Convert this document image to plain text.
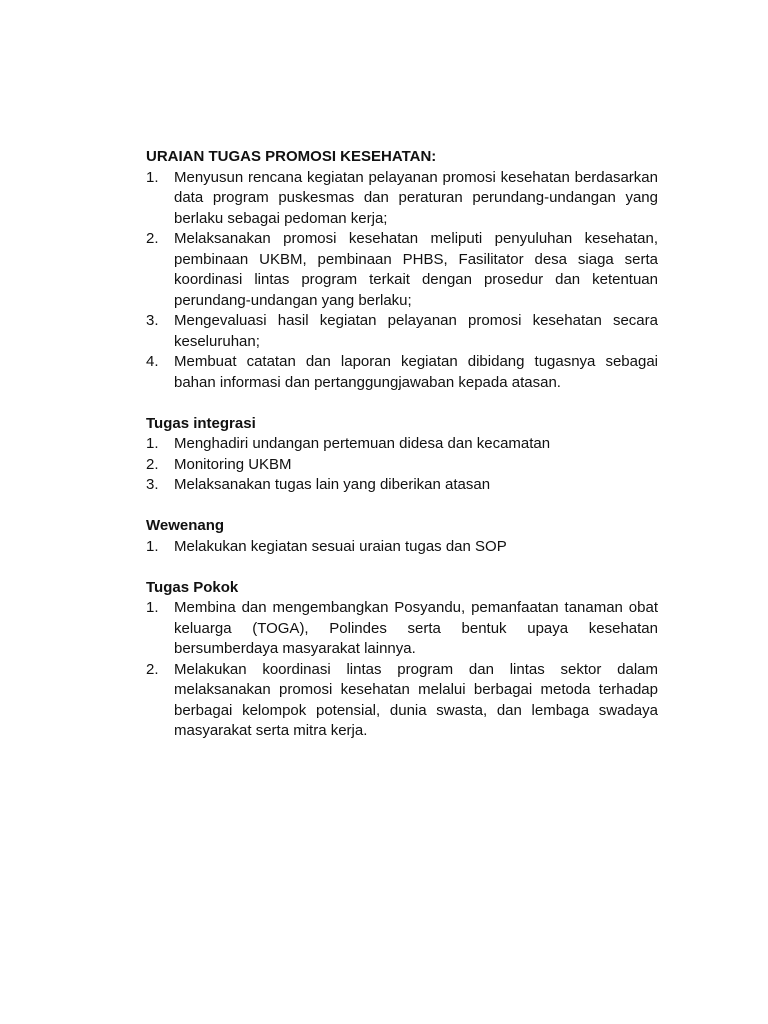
URAIAN TUGAS PROMOSI KESEHATAN:

1.	Menyusun rencana kegiatan pelayanan promosi kesehatan berdasarkan data program puskesmas dan peraturan perundang-undangan yang berlaku sebagai pedoman kerja;
2.	Melaksanakan promosi kesehatan meliputi penyuluhan kesehatan, pembinaan UKBM, pembinaan PHBS, Fasilitator desa siaga serta koordinasi lintas program terkait dengan prosedur dan ketentuan perundang-undangan yang berlaku;
3.	Mengevaluasi hasil kegiatan pelayanan promosi kesehatan secara keseluruhan;
4.	Membuat catatan dan laporan kegiatan dibidang tugasnya sebagai bahan informasi dan pertanggungjawaban kepada atasan.

Tugas integrasi

1.	Menghadiri undangan pertemuan didesa dan kecamatan
2.	Monitoring UKBM
3.	Melaksanakan tugas lain yang diberikan atasan

Wewenang

1.	Melakukan kegiatan sesuai uraian tugas dan SOP

Tugas Pokok

1.	Membina dan mengembangkan Posyandu, pemanfaatan tanaman obat keluarga (TOGA), Polindes serta bentuk upaya kesehatan bersumberdaya masyarakat lainnya.
2.	Melakukan koordinasi lintas program dan lintas sektor dalam melaksanakan promosi kesehatan melalui berbagai metoda terhadap berbagai kelompok potensial, dunia swasta, dan lembaga swadaya masyarakat serta mitra kerja.
